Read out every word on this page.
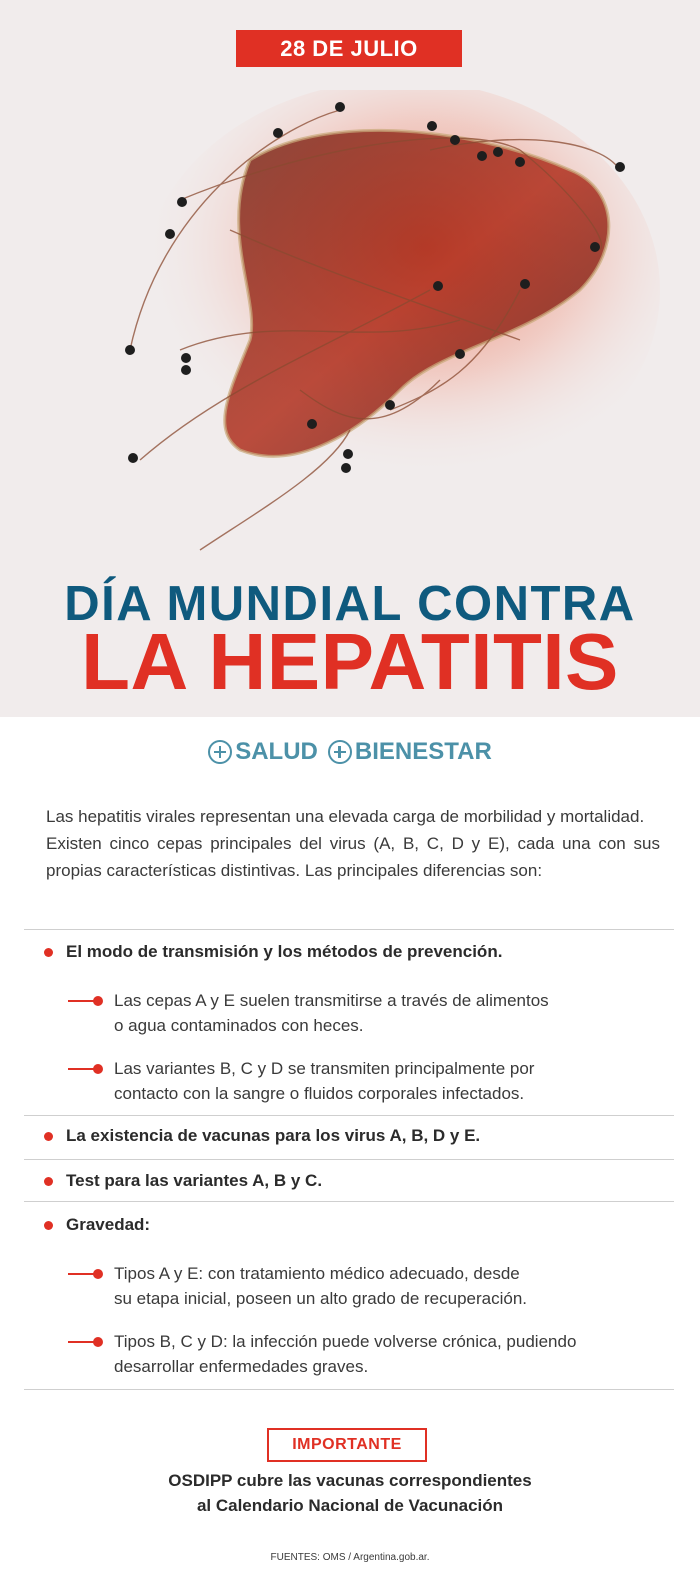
28 DE JULIO
DÍA MUNDIAL CONTRA
LA HEPATITIS
SALUD BIENESTAR

Las hepatitis virales representan una elevada carga de morbilidad y mortalidad.

Existen cinco cepas principales del virus (A, B, C, D y E), cada una con sus propias características distintivas. Las principales diferencias son:

El modo de transmisión y los métodos de prevención.
Las cepas A y E suelen transmitirse a través de alimentos
o agua contaminados con heces.
Las variantes B, C y D se transmiten principalmente por
contacto con la sangre o fluidos corporales infectados.
La existencia de vacunas para los virus A, B, D y E.
Test para las variantes A, B y C.
Gravedad:
Tipos A y E: con tratamiento médico adecuado, desde
su etapa inicial, poseen un alto grado de recuperación.
Tipos B, C y D: la infección puede volverse crónica, pudiendo
desarrollar enfermedades graves.
IMPORTANTE
OSDIPP cubre las vacunas correspondientes
al Calendario Nacional de Vacunación
FUENTES: OMS / Argentina.gob.ar.
